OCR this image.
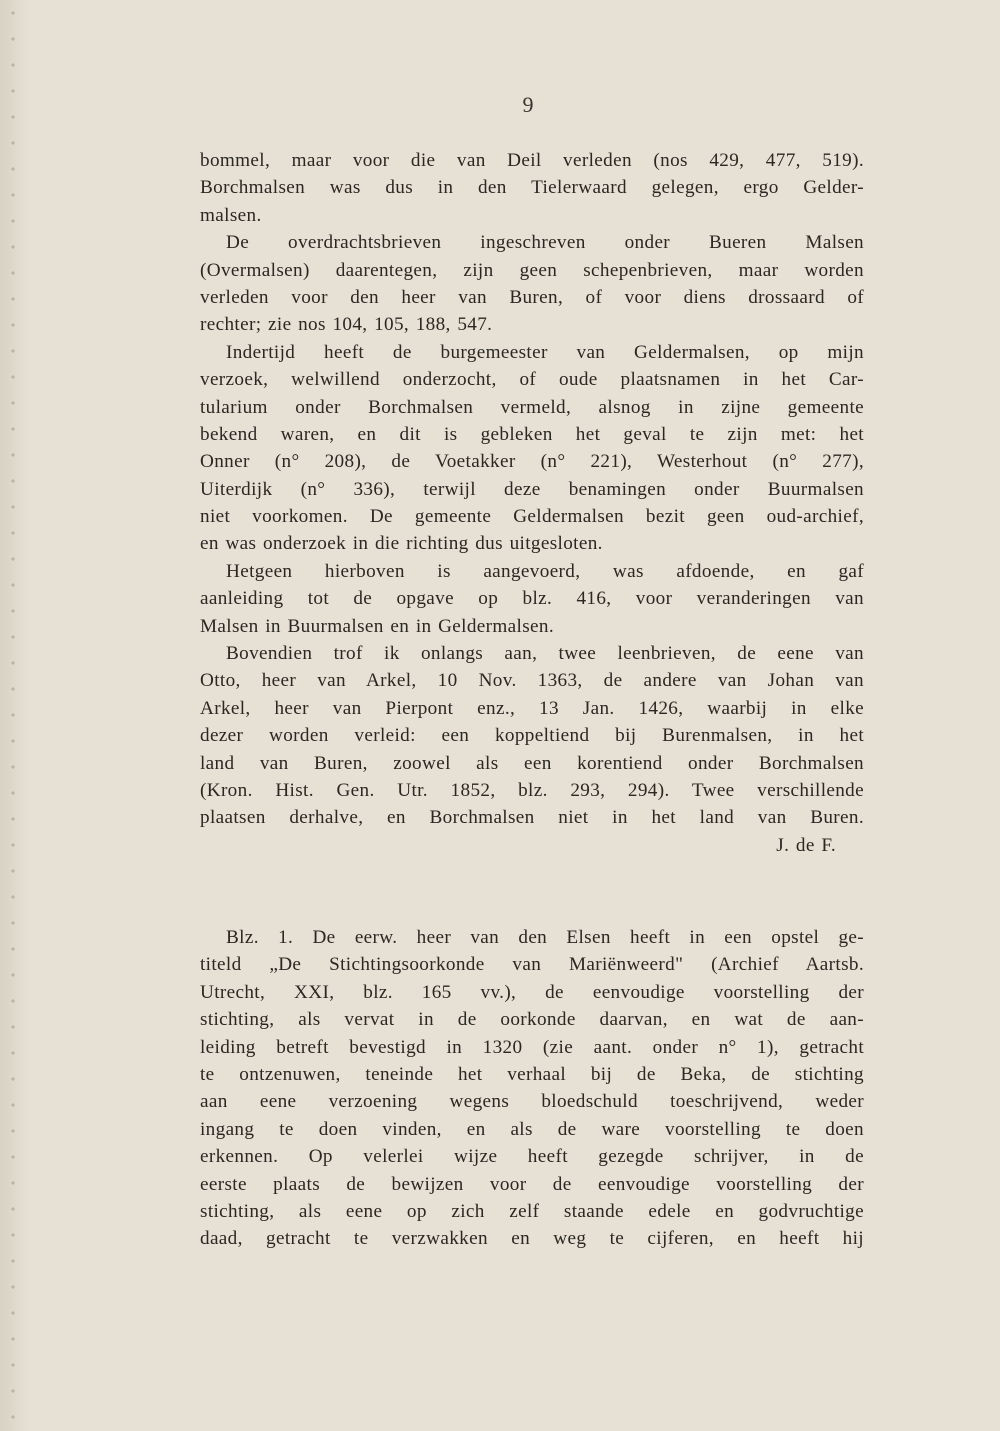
9
bommel, maar voor die van Deil verleden (nos 429, 477, 519).
Borchmalsen was dus in den Tielerwaard gelegen, ergo Gelder-
malsen.
De overdrachtsbrieven ingeschreven onder Bueren Malsen
(Overmalsen) daarentegen, zijn geen schepenbrieven, maar worden
verleden voor den heer van Buren, of voor diens drossaard of
rechter; zie nos 104, 105, 188, 547.
Indertijd heeft de burgemeester van Geldermalsen, op mijn
verzoek, welwillend onderzocht, of oude plaatsnamen in het Car-
tularium onder Borchmalsen vermeld, alsnog in zijne gemeente
bekend waren, en dit is gebleken het geval te zijn met: het
Onner (n° 208), de Voetakker (n° 221), Westerhout (n° 277),
Uiterdijk (n° 336), terwijl deze benamingen onder Buurmalsen
niet voorkomen. De gemeente Geldermalsen bezit geen oud-archief,
en was onderzoek in die richting dus uitgesloten.
Hetgeen hierboven is aangevoerd, was afdoende, en gaf
aanleiding tot de opgave op blz. 416, voor veranderingen van
Malsen in Buurmalsen en in Geldermalsen.
Bovendien trof ik onlangs aan, twee leenbrieven, de eene van
Otto, heer van Arkel, 10 Nov. 1363, de andere van Johan van
Arkel, heer van Pierpont enz., 13 Jan. 1426, waarbij in elke
dezer worden verleid: een koppeltiend bij Burenmalsen, in het
land van Buren, zoowel als een korentiend onder Borchmalsen
(Kron. Hist. Gen. Utr. 1852, blz. 293, 294). Twee verschillende
plaatsen derhalve, en Borchmalsen niet in het land van Buren.
J. de F.
Blz. 1. De eerw. heer van den Elsen heeft in een opstel ge-
titeld „De Stichtingsoorkonde van Mariënweerd" (Archief Aartsb.
Utrecht, XXI, blz. 165 vv.), de eenvoudige voorstelling der
stichting, als vervat in de oorkonde daarvan, en wat de aan-
leiding betreft bevestigd in 1320 (zie aant. onder n° 1), getracht
te ontzenuwen, teneinde het verhaal bij de Beka, de stichting
aan eene verzoening wegens bloedschuld toeschrijvend, weder
ingang te doen vinden, en als de ware voorstelling te doen
erkennen. Op velerlei wijze heeft gezegde schrijver, in de
eerste plaats de bewijzen voor de eenvoudige voorstelling der
stichting, als eene op zich zelf staande edele en godvruchtige
daad, getracht te verzwakken en weg te cijferen, en heeft hij
